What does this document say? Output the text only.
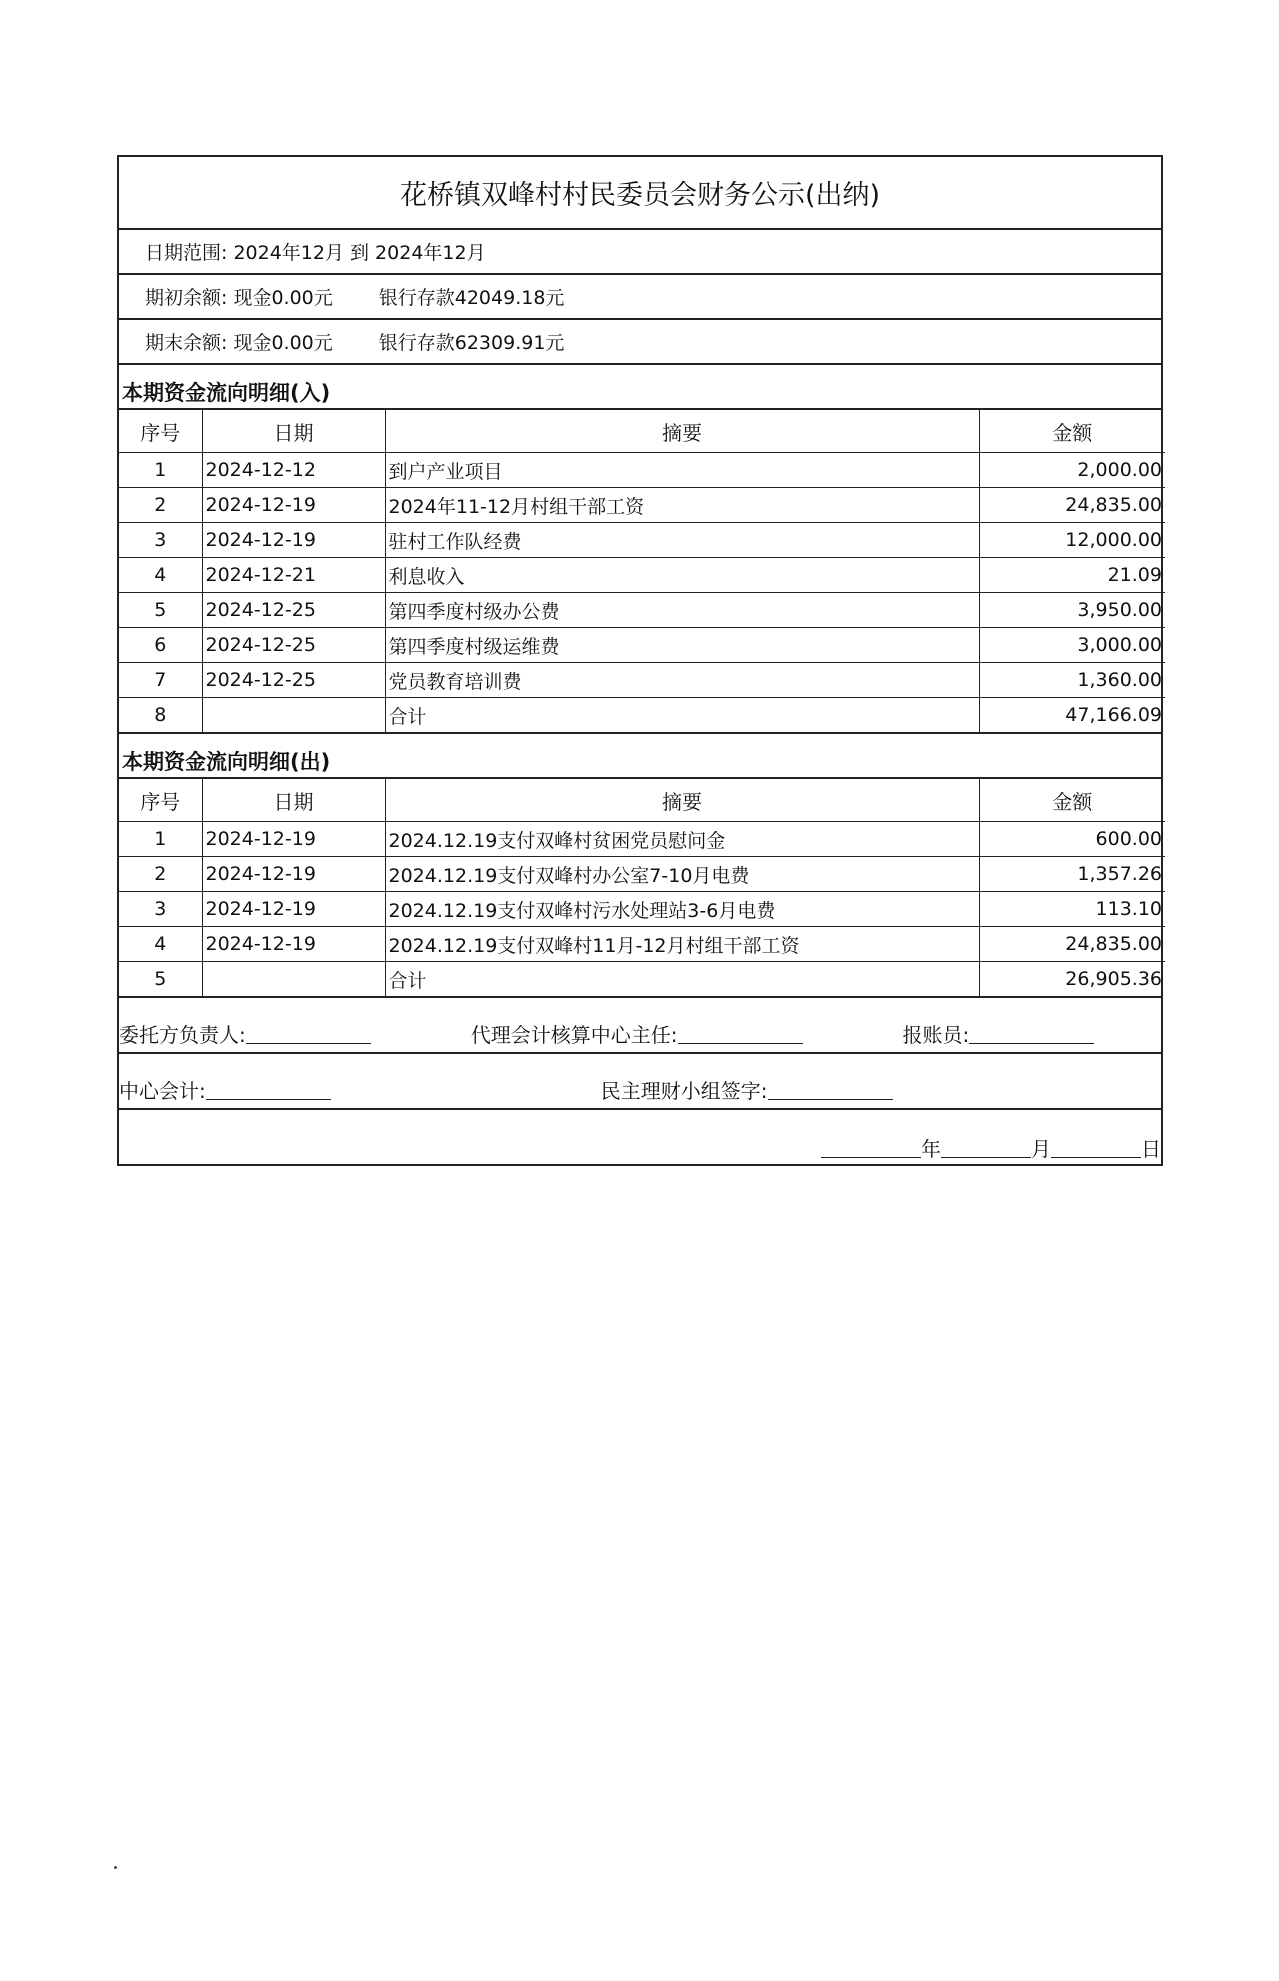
花桥镇双峰村村民委员会财务公示(出纳)
日期范围: 2024年12月 到 2024年12月
期初余额: 现金0.00元 银行存款42049.18元
期末余额: 现金0.00元 银行存款62309.91元
本期资金流向明细(入)
序号	日期	摘要	金额
1	2024-12-12	到户产业项目	2,000.00
2	2024-12-19	2024年11-12月村组干部工资	24,835.00
3	2024-12-19	驻村工作队经费	12,000.00
4	2024-12-21	利息收入	21.09
5	2024-12-25	第四季度村级办公费	3,950.00
6	2024-12-25	第四季度村级运维费	3,000.00
7	2024-12-25	党员教育培训费	1,360.00
8		合计	47,166.09
本期资金流向明细(出)
序号	日期	摘要	金额
1	2024-12-19	2024.12.19支付双峰村贫困党员慰问金	600.00
2	2024-12-19	2024.12.19支付双峰村办公室7-10月电费	1,357.26
3	2024-12-19	2024.12.19支付双峰村污水处理站3-6月电费	113.10
4	2024-12-19	2024.12.19支付双峰村11月-12月村组干部工资	24,835.00
5		合计	26,905.36
委托方负责人:	代理会计核算中心主任:	报账员:
中心会计:	民主理财小组签字:
年	月	日
